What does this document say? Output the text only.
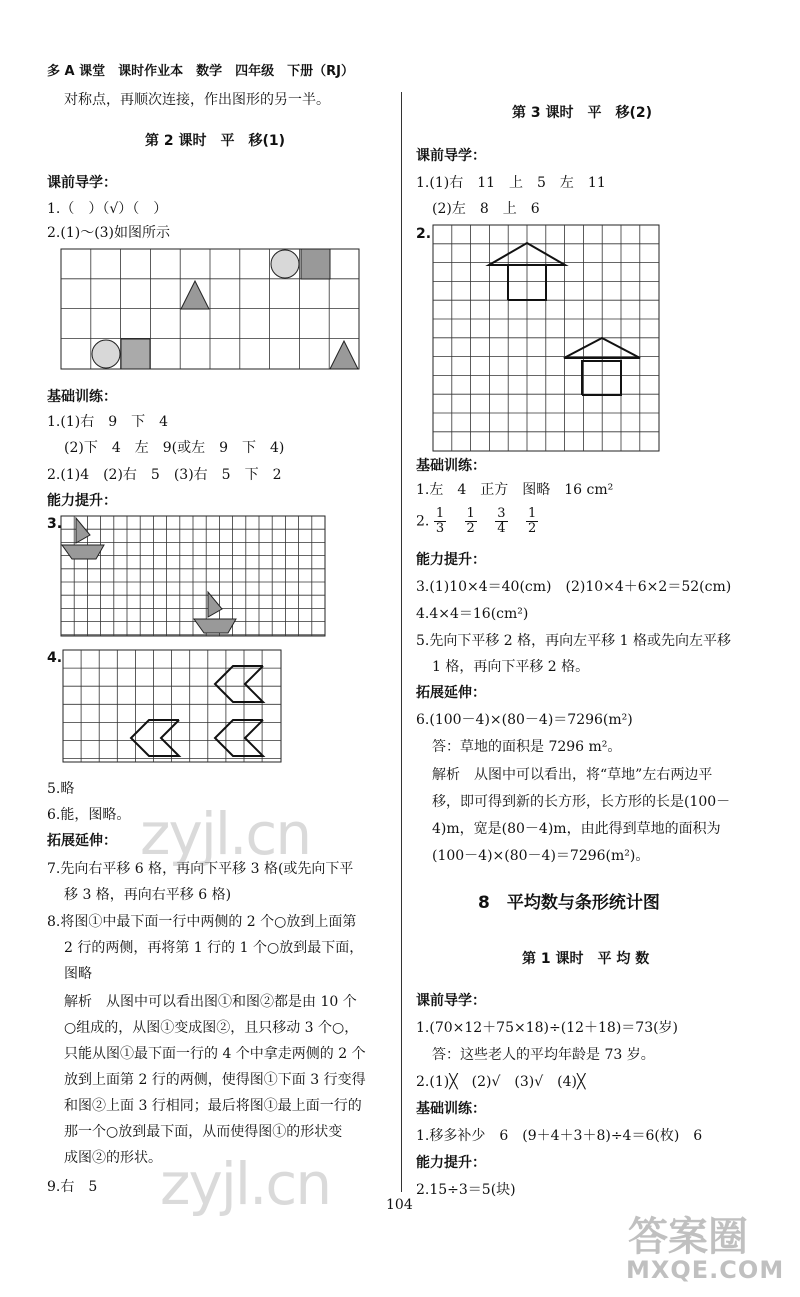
多 A 课堂　课时作业本　数学　四年级　下册（RJ）
对称点，再顺次连接，作出图形的另一半。
第 2 课时　平　移(1)
课前导学：
1.（　）（√）（　）
2.(1)～(3)如图所示
基础训练：
1.(1)右　9　下　4
(2)下　4　左　9(或左　9　下　4)
2.(1)4　(2)右　5　(3)右　5　下　2
能力提升：
3.
4.
5.略
6.能，图略。
拓展延伸：
7.先向右平移 6 格，再向下平移 3 格(或先向下平
移 3 格，再向右平移 6 格)
8.将图①中最下面一行中两侧的 2 个○放到上面第
2 行的两侧，再将第 1 行的 1 个○放到最下面，
图略
解析　从图中可以看出图①和图②都是由 10 个
○组成的，从图①变成图②，且只移动 3 个○，
只能从图①最下面一行的 4 个中拿走两侧的 2 个
放到上面第 2 行的两侧，使得图①下面 3 行变得
和图②上面 3 行相同；最后将图①最上面一行的
那一个○放到最下面，从而使得图①的形状变
成图②的形状。
9.右　5
第 3 课时　平　移(2)
课前导学：
1.(1)右　11　上　5　左　11
(2)左　8　上　6
2.
基础训练：
1.左　4　正方　图略　16 cm²
2. $\frac{1}{3}$
$\frac{1}{2}$
$\frac{3}{4}$
$\frac{1}{2}$
能力提升：
3.(1)10×4＝40(cm)　(2)10×4＋6×2＝52(cm)
4.4×4＝16(cm²)
5.先向下平移 2 格，再向左平移 1 格或先向左平移
1 格，再向下平移 2 格。
拓展延伸：
6.(100－4)×(80－4)＝7296(m²)
答：草地的面积是 7296 m²。
解析　从图中可以看出，将“草地”左右两边平
移，即可得到新的长方形，长方形的长是(100－
4)m，宽是(80－4)m，由此得到草地的面积为
(100－4)×(80－4)＝7296(m²)。
8　平均数与条形统计图
第 1 课时　平 均 数
课前导学：
1.(70×12＋75×18)÷(12＋18)＝73(岁)
答：这些老人的平均年龄是 73 岁。
2.(1)╳　(2)√　(3)√　(4)╳
基础训练：
1.移多补少　6　(9＋4＋3＋8)÷4＝6(枚)　6
能力提升：
2.15÷3＝5(块)
104
zyjl.cn
zyjl.cn
答案圈
MXQE.COM
